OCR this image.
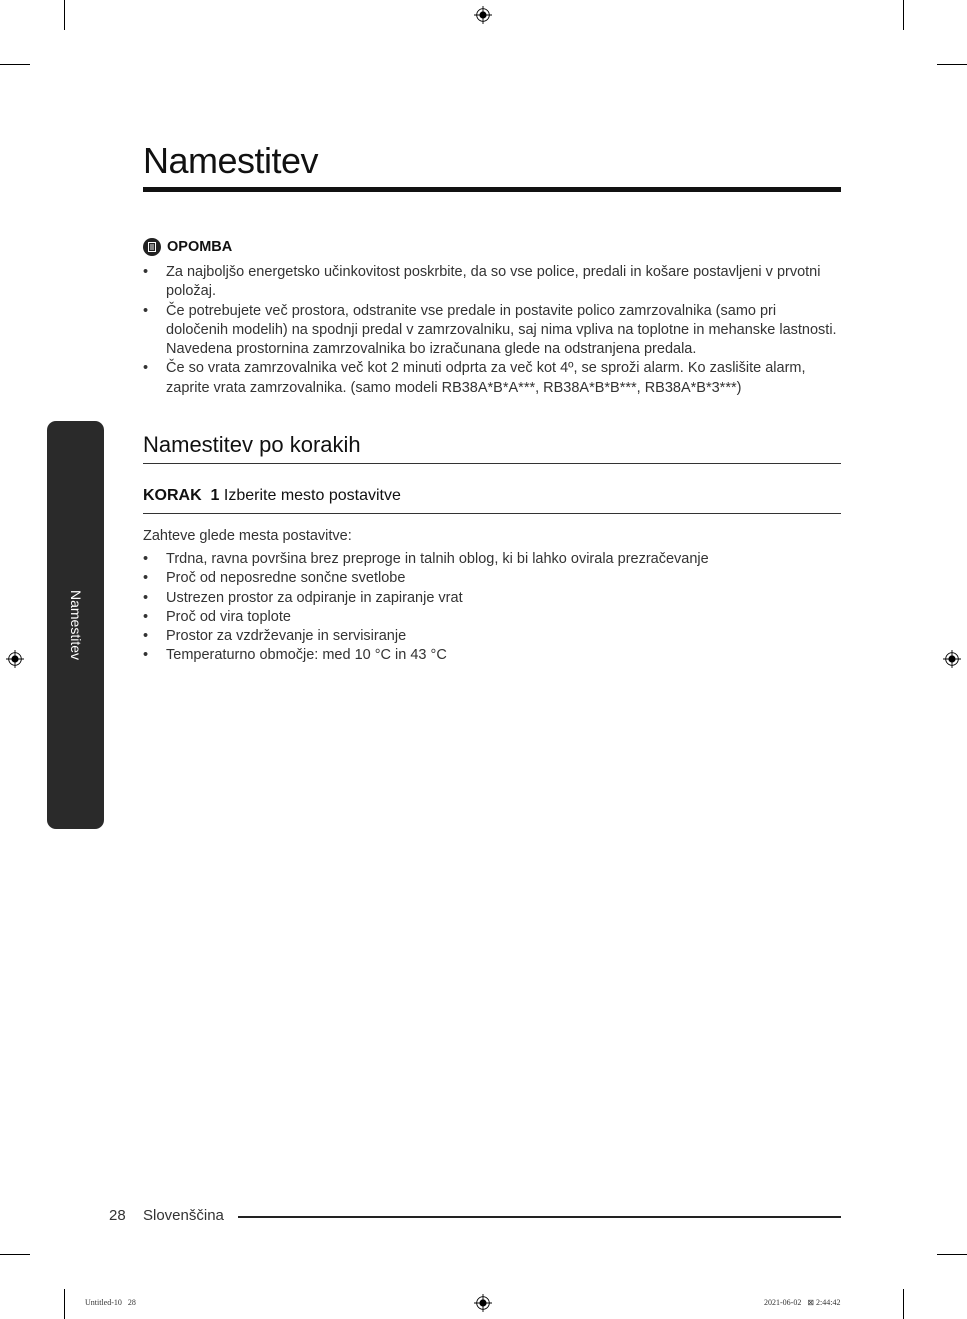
Namestitev
OPOMBA
• Za najboljšo energetsko učinkovitost poskrbite, da so vse police, predali in košare postavljeni v prvotni položaj.
• Če potrebujete več prostora, odstranite vse predale in postavite polico zamrzovalnika (samo pri določenih modelih) na spodnji predal v zamrzovalniku, saj nima vpliva na toplotne in mehanske lastnosti. Navedena prostornina zamrzovalnika bo izračunana glede na odstranjena predala.
• Če so vrata zamrzovalnika več kot 2 minuti odprta za več kot 4º, se sproži alarm. Ko zaslišite alarm, zaprite vrata zamrzovalnika. (samo modeli RB38A*B*A***, RB38A*B*B***, RB38A*B*3***)
Namestitev po korakih
KORAK  1 Izberite mesto postavitve
Zahteve glede mesta postavitve:
• Trdna, ravna površina brez preproge in talnih oblog, ki bi lahko ovirala prezračevanje
• Proč od neposredne sončne svetlobe
• Ustrezen prostor za odpiranje in zapiranje vrat
• Proč od vira toplote
• Prostor za vzdrževanje in servisiranje
• Temperaturno območje: med 10 °C in 43 °C
Namestitev
28 Slovenščina
Untitled-10   28	2021-06-02   ⊠ 2:44:42
